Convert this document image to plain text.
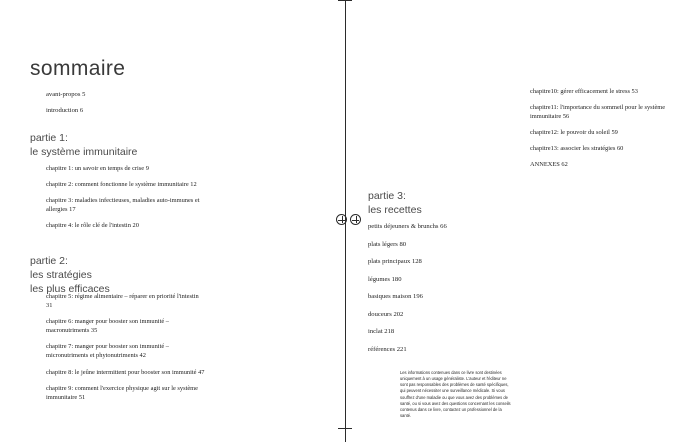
sommaire
avant-propos 5
introduction 6
partie 1:
le système immunitaire
chapitre 1: un savoir en temps de crise 9
chapitre 2: comment fonctionne le système immunitaire 12
chapitre 3: maladies infectieuses, maladies auto-immunes et allergies 17
chapitre 4: le rôle clé de l'intestin 20
partie 2:
les stratégies
les plus efficaces
chapitre 5: régime alimentaire – réparer en priorité l'intestin 31
chapitre 6: manger pour booster son immunité – macronutriments 35
chapitre 7: manger pour booster son immunité – micronutriments et phytonutriments 42
chapitre 8: le jeûne intermittent pour booster son immunité 47
chapitre 9: comment l'exercice physique agit sur le système immunitaire 51
chapitre10: gérer efficacement le stress 53
chapitre11: l'importance du sommeil pour le système immunitaire 56
chapitre12: le pouvoir du soleil 59
chapitre13: associer les stratégies 60
ANNEXES 62
partie 3:
les recettes
petits déjeuners & brunchs 66
plats légers 80
plats principaux 128
légumes 180
basiques maison 196
douceurs 202
inclat 218
références 221
Les informations contenues dans ce livre sont destinées uniquement à un usage généraliste. L'auteur et l'éditeur ne sont pas responsables des problèmes de santé spécifiques, qui peuvent nécessiter une surveillance médicale. Si vous souffrez d'une maladie ou que vous avez des problèmes de santé, ou si vous avez des questions concernant les conseils contenus dans ce livre, contactez un professionnel de la santé.
